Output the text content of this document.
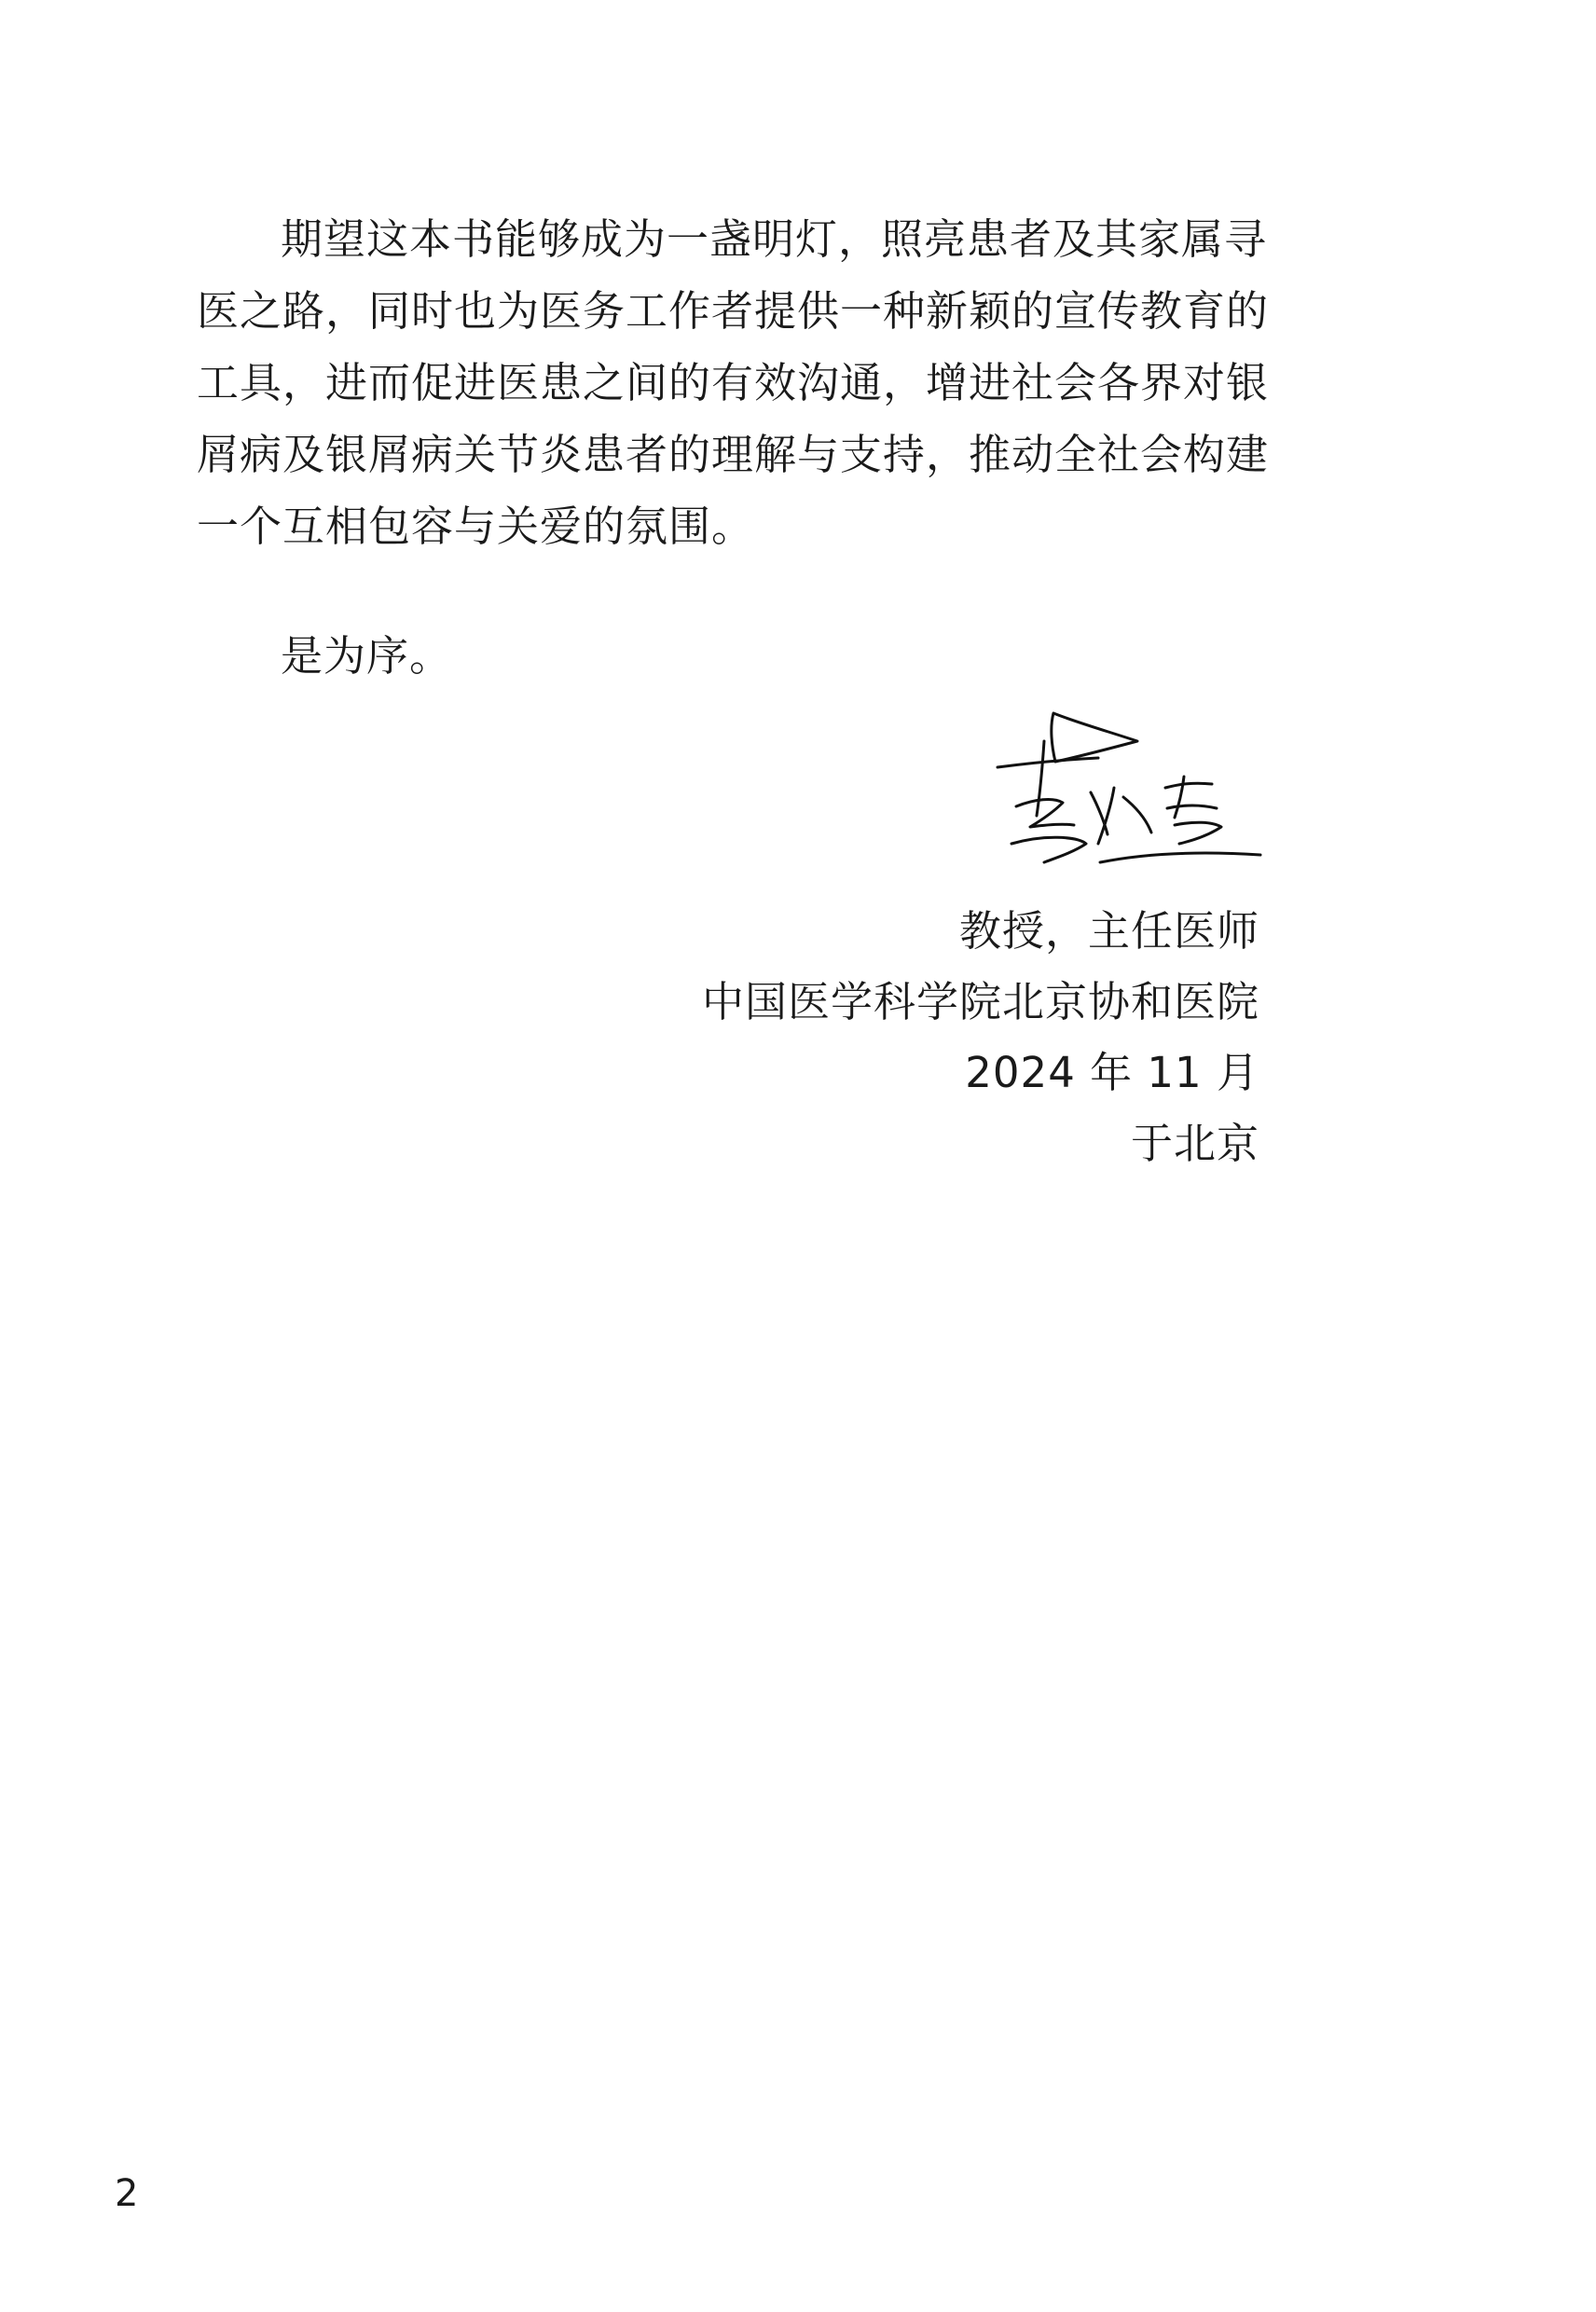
期望这本书能够成为一盏明灯，照亮患者及其家属寻
医之路，同时也为医务工作者提供一种新颖的宣传教育的
工具，进而促进医患之间的有效沟通，增进社会各界对银
屑病及银屑病关节炎患者的理解与支持，推动全社会构建
一个互相包容与关爱的氛围。
是为序。
教授，主任医师
中国医学科学院北京协和医院
2024 年 11 月
于北京
2
